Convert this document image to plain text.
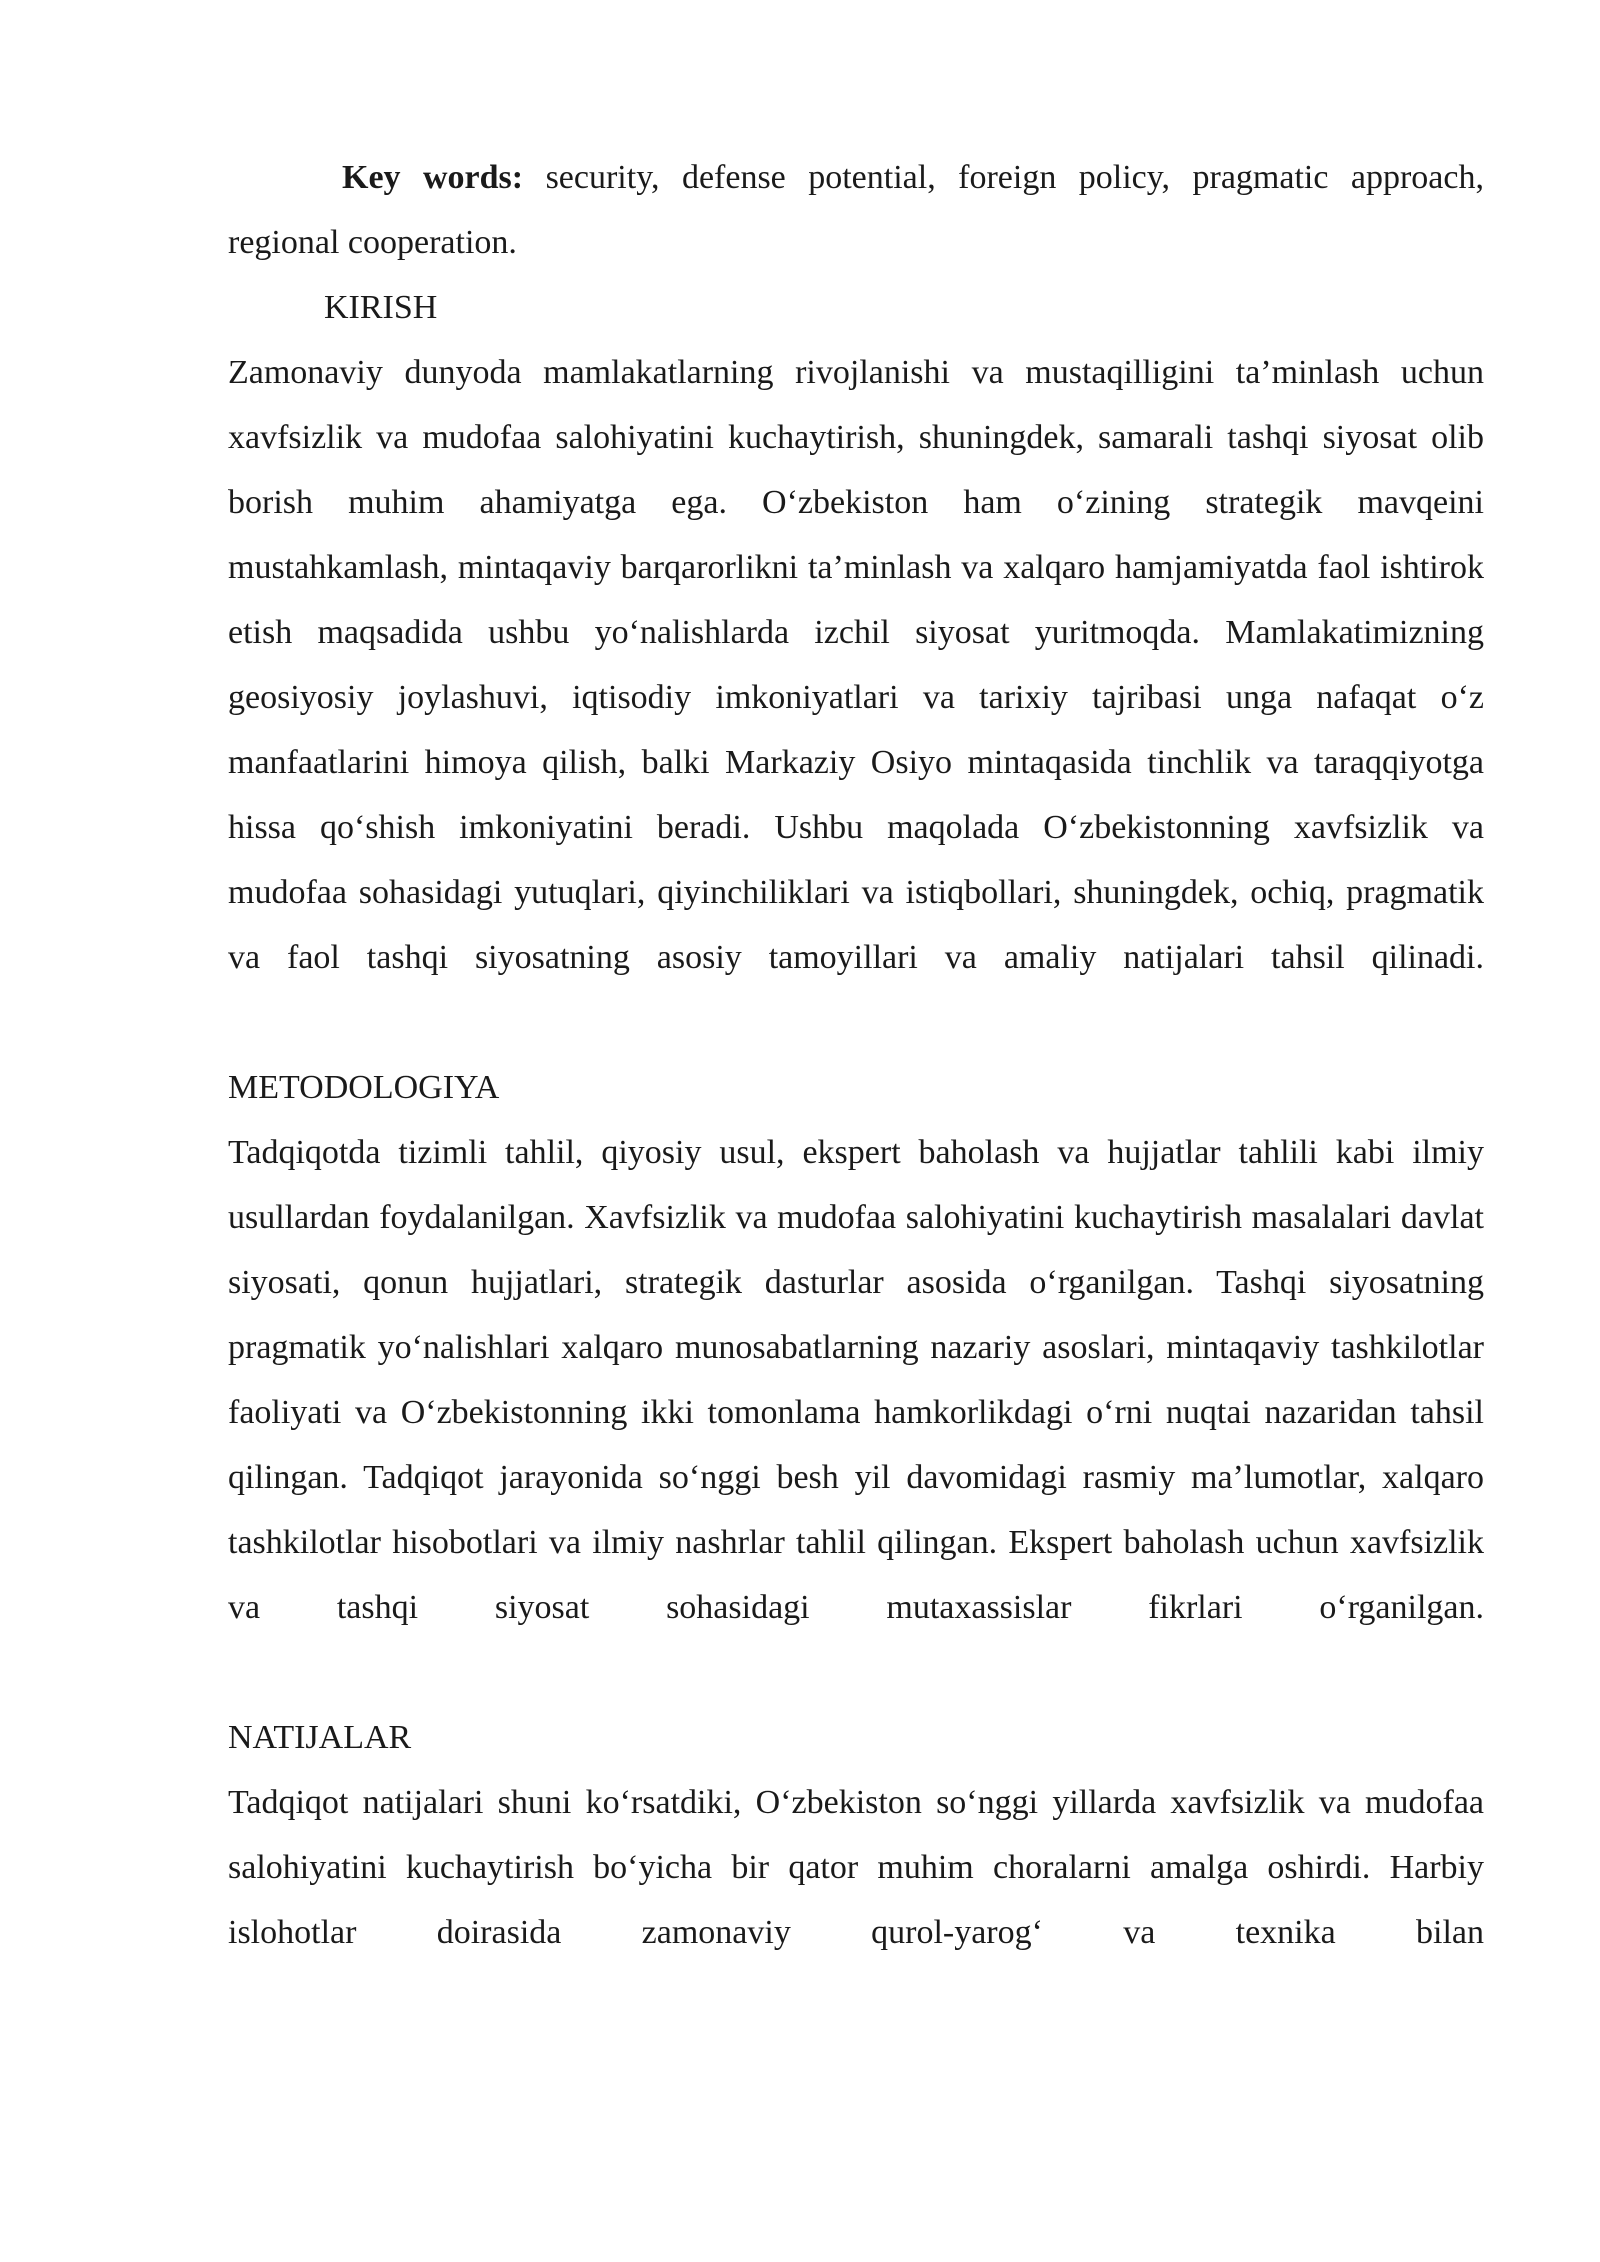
Key words: security, defense potential, foreign policy, pragmatic approach, regional cooperation.

KIRISH

Zamonaviy dunyoda mamlakatlarning rivojlanishi va mustaqilligini ta’minlash uchun xavfsizlik va mudofaa salohiyatini kuchaytirish, shuningdek, samarali tashqi siyosat olib borish muhim ahamiyatga ega. O‘zbekiston ham o‘zining strategik mavqeini mustahkamlash, mintaqaviy barqarorlikni ta’minlash va xalqaro hamjamiyatda faol ishtirok etish maqsadida ushbu yo‘nalishlarda izchil siyosat yuritmoqda. Mamlakatimizning geosiyosiy joylashuvi, iqtisodiy imkoniyatlari va tarixiy tajribasi unga nafaqat o‘z manfaatlarini himoya qilish, balki Markaziy Osiyo mintaqasida tinchlik va taraqqiyotga hissa qo‘shish imkoniyatini beradi. Ushbu maqolada O‘zbekistonning xavfsizlik va mudofaa sohasidagi yutuqlari, qiyinchiliklari va istiqbollari, shuningdek, ochiq, pragmatik va faol tashqi siyosatning asosiy tamoyillari va amaliy natijalari tahsil qilinadi.

METODOLOGIYA

Tadqiqotda tizimli tahlil, qiyosiy usul, ekspert baholash va hujjatlar tahlili kabi ilmiy usullardan foydalanilgan. Xavfsizlik va mudofaa salohiyatini kuchaytirish masalalari davlat siyosati, qonun hujjatlari, strategik dasturlar asosida o‘rganilgan. Tashqi siyosatning pragmatik yo‘nalishlari xalqaro munosabatlarning nazariy asoslari, mintaqaviy tashkilotlar faoliyati va O‘zbekistonning ikki tomonlama hamkorlikdagi o‘rni nuqtai nazaridan tahsil qilingan. Tadqiqot jarayonida so‘nggi besh yil davomidagi rasmiy ma’lumotlar, xalqaro tashkilotlar hisobotlari va ilmiy nashrlar tahlil qilingan. Ekspert baholash uchun xavfsizlik va tashqi siyosat sohasidagi mutaxassislar fikrlari o‘rganilgan.

NATIJALAR

Tadqiqot natijalari shuni ko‘rsatdiki, O‘zbekiston so‘nggi yillarda xavfsizlik va mudofaa salohiyatini kuchaytirish bo‘yicha bir qator muhim choralarni amalga oshirdi. Harbiy islohotlar doirasida zamonaviy qurol-yarog‘ va texnika bilan
